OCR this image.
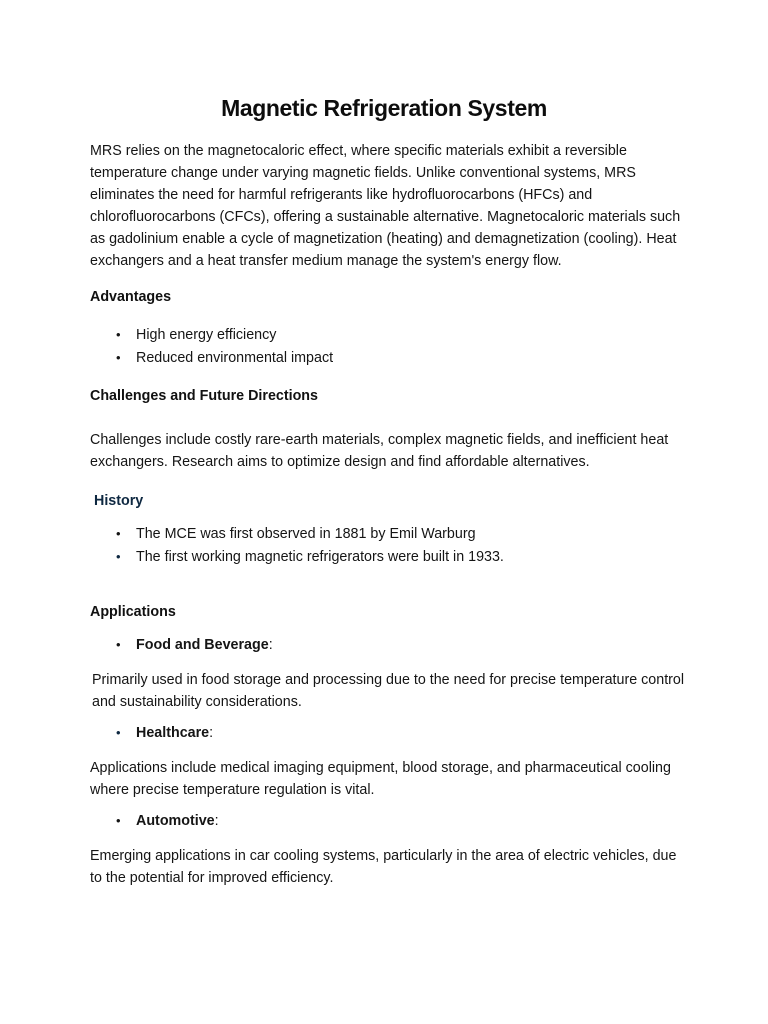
Magnetic Refrigeration System
MRS relies on the magnetocaloric effect, where specific materials exhibit a reversible temperature change under varying magnetic fields. Unlike conventional systems, MRS eliminates the need for harmful refrigerants like hydrofluorocarbons (HFCs) and chlorofluorocarbons (CFCs), offering a sustainable alternative. Magnetocaloric materials such as gadolinium enable a cycle of magnetization (heating) and demagnetization (cooling). Heat exchangers and a heat transfer medium manage the system's energy flow.
Advantages
• High energy efficiency
• Reduced environmental impact
Challenges and Future Directions
Challenges include costly rare-earth materials, complex magnetic fields, and inefficient heat exchangers. Research aims to optimize design and find affordable alternatives.
History
• The MCE was first observed in 1881 by Emil Warburg
• The first working magnetic refrigerators were built in 1933.
Applications
• Food and Beverage:
Primarily used in food storage and processing due to the need for precise temperature control and sustainability considerations.
• Healthcare:
Applications include medical imaging equipment, blood storage, and pharmaceutical cooling where precise temperature regulation is vital.
• Automotive:
Emerging applications in car cooling systems, particularly in the area of electric vehicles, due to the potential for improved efficiency.
